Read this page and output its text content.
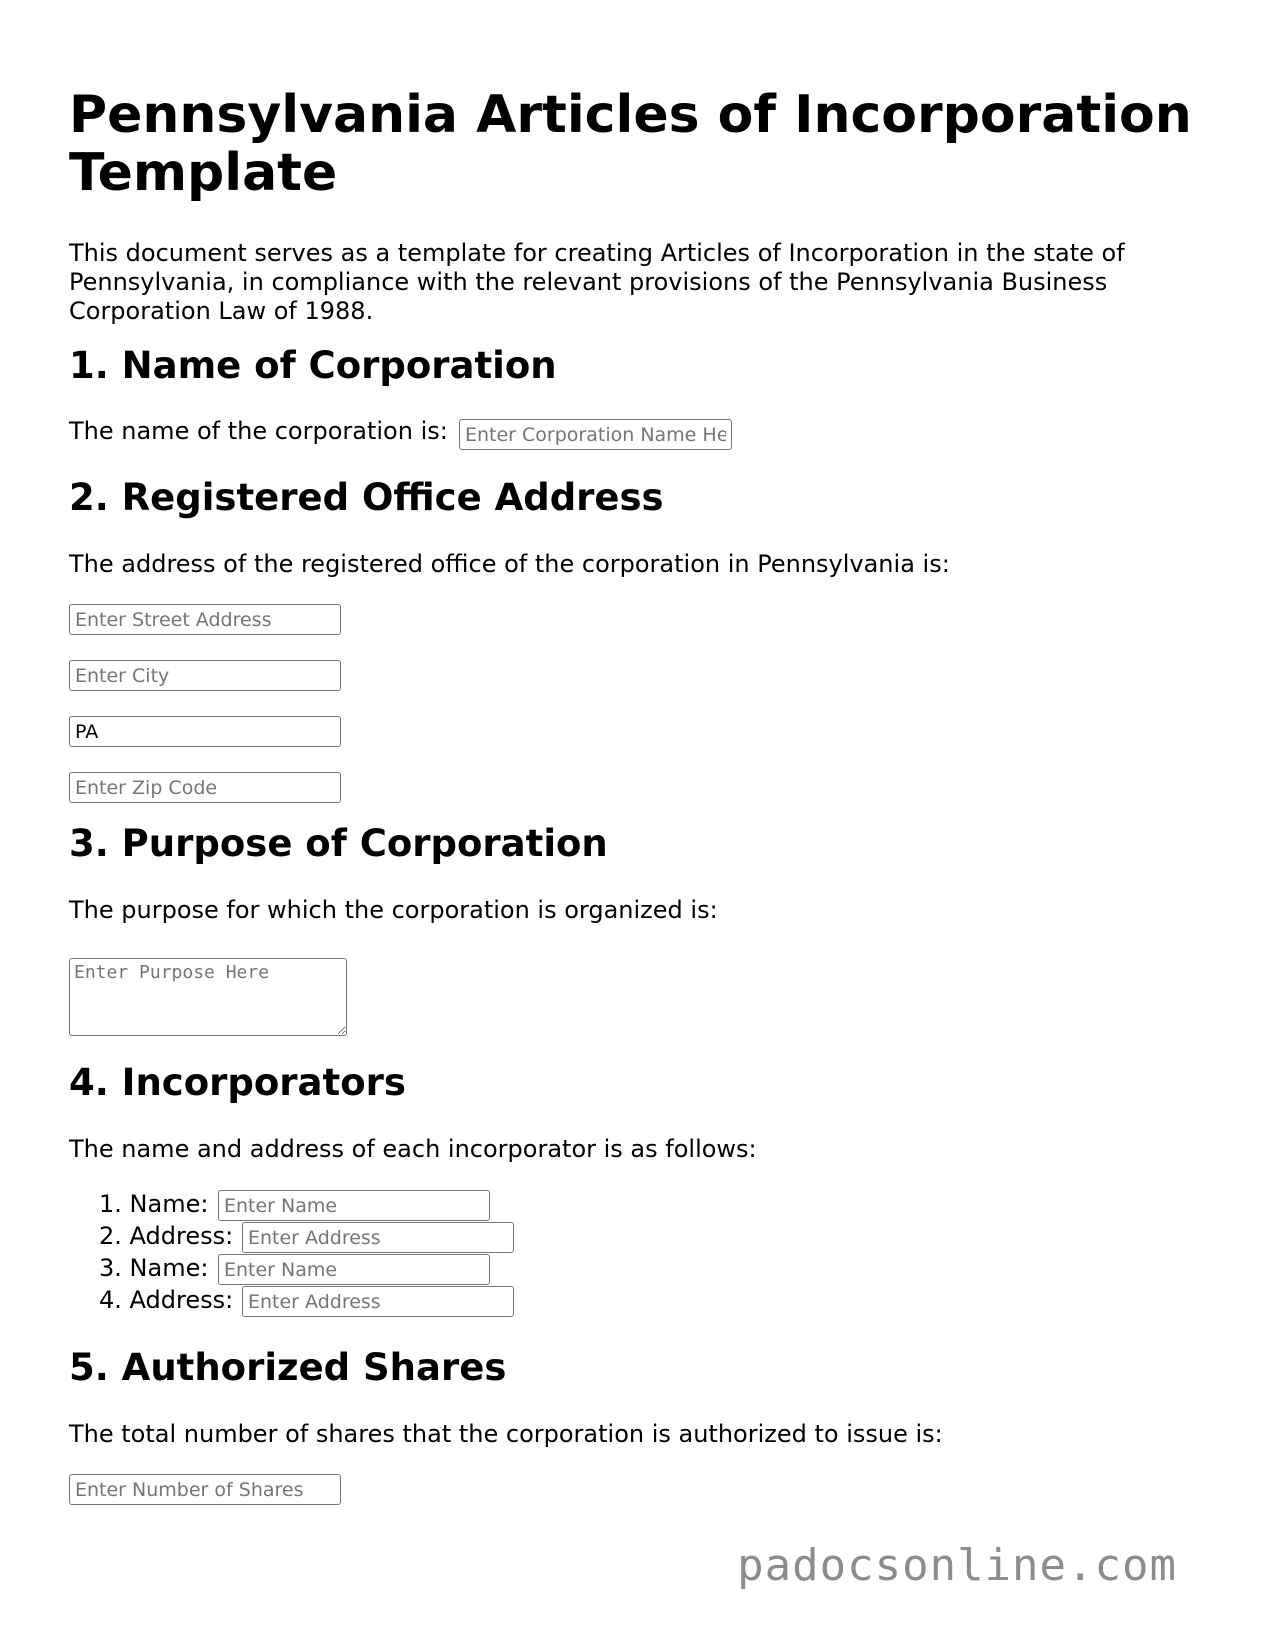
Pennsylvania Articles of Incorporation Template

This document serves as a template for creating Articles of Incorporation in the state of Pennsylvania, in compliance with the relevant provisions of the Pennsylvania Business Corporation Law of 1988.

1. Name of Corporation

The name of the corporation is:

Enter Corporation Name Here
2. Registered Office Address

The address of the registered office of the corporation in Pennsylvania is:

Enter Street Address
Enter City
PA
Enter Zip Code
3. Purpose of Corporation

The purpose for which the corporation is organized is:

Enter Purpose Here
4. Incorporators

The name and address of each incorporator is as follows:

1. Name:
Enter Name
2. Address:
Enter Address
3. Name:
Enter Name
4. Address:
Enter Address
5. Authorized Shares

The total number of shares that the corporation is authorized to issue is:

Enter Number of Shares
padocsonline.com
